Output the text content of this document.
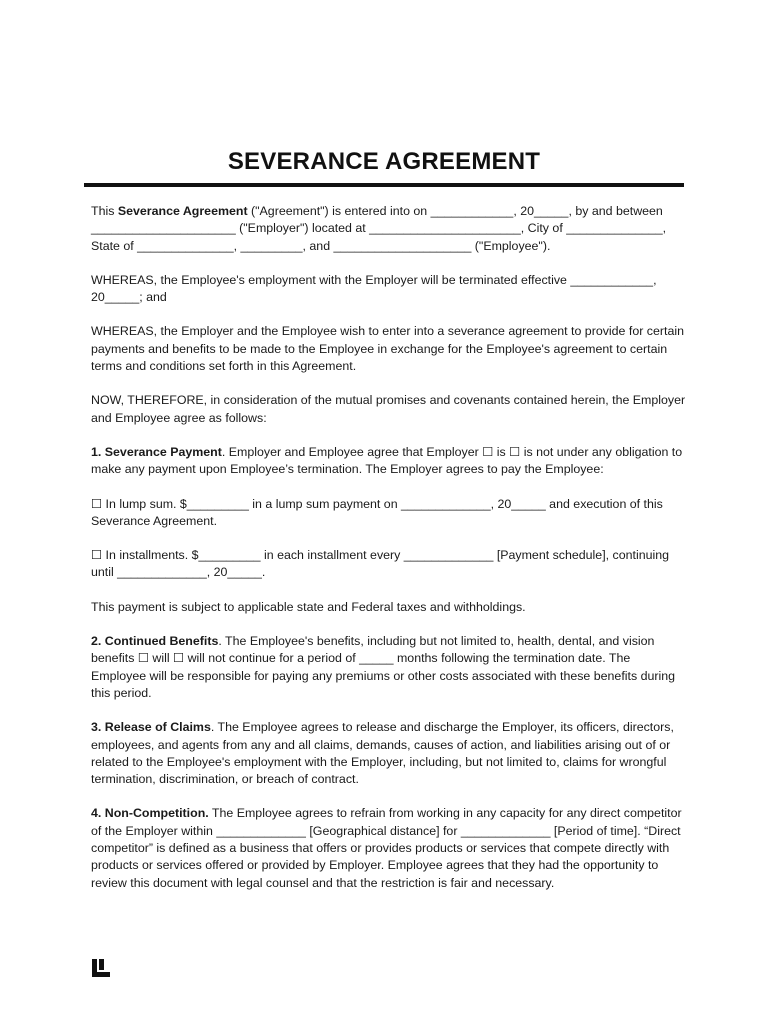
SEVERANCE AGREEMENT

This Severance Agreement ("Agreement") is entered into on ____________, 20_____, by and between _____________________ ("Employer") located at ______________________, City of ______________, State of ______________, _________, and ____________________ ("Employee").

WHEREAS, the Employee's employment with the Employer will be terminated effective ____________, 20_____; and

WHEREAS, the Employer and the Employee wish to enter into a severance agreement to provide for certain payments and benefits to be made to the Employee in exchange for the Employee's agreement to certain terms and conditions set forth in this Agreement.

NOW, THEREFORE, in consideration of the mutual promises and covenants contained herein, the Employer and Employee agree as follows:

1. Severance Payment. Employer and Employee agree that Employer ☐ is ☐ is not under any obligation to make any payment upon Employee’s termination. The Employer agrees to pay the Employee:

☐ In lump sum. $_________ in a lump sum payment on _____________, 20_____ and execution of this Severance Agreement.

☐ In installments. $_________ in each installment every _____________ [Payment schedule], continuing until _____________, 20_____.

This payment is subject to applicable state and Federal taxes and withholdings.

2. Continued Benefits. The Employee's benefits, including but not limited to, health, dental, and vision benefits ☐ will ☐ will not continue for a period of _____ months following the termination date. The Employee will be responsible for paying any premiums or other costs associated with these benefits during this period.

3. Release of Claims. The Employee agrees to release and discharge the Employer, its officers, directors, employees, and agents from any and all claims, demands, causes of action, and liabilities arising out of or related to the Employee's employment with the Employer, including, but not limited to, claims for wrongful termination, discrimination, or breach of contract.

4. Non-Competition. The Employee agrees to refrain from working in any capacity for any direct competitor of the Employer within _____________ [Geographical distance] for _____________ [Period of time]. “Direct competitor” is defined as a business that offers or provides products or services that compete directly with products or services offered or provided by Employer. Employee agrees that they had the opportunity to review this document with legal counsel and that the restriction is fair and necessary.
